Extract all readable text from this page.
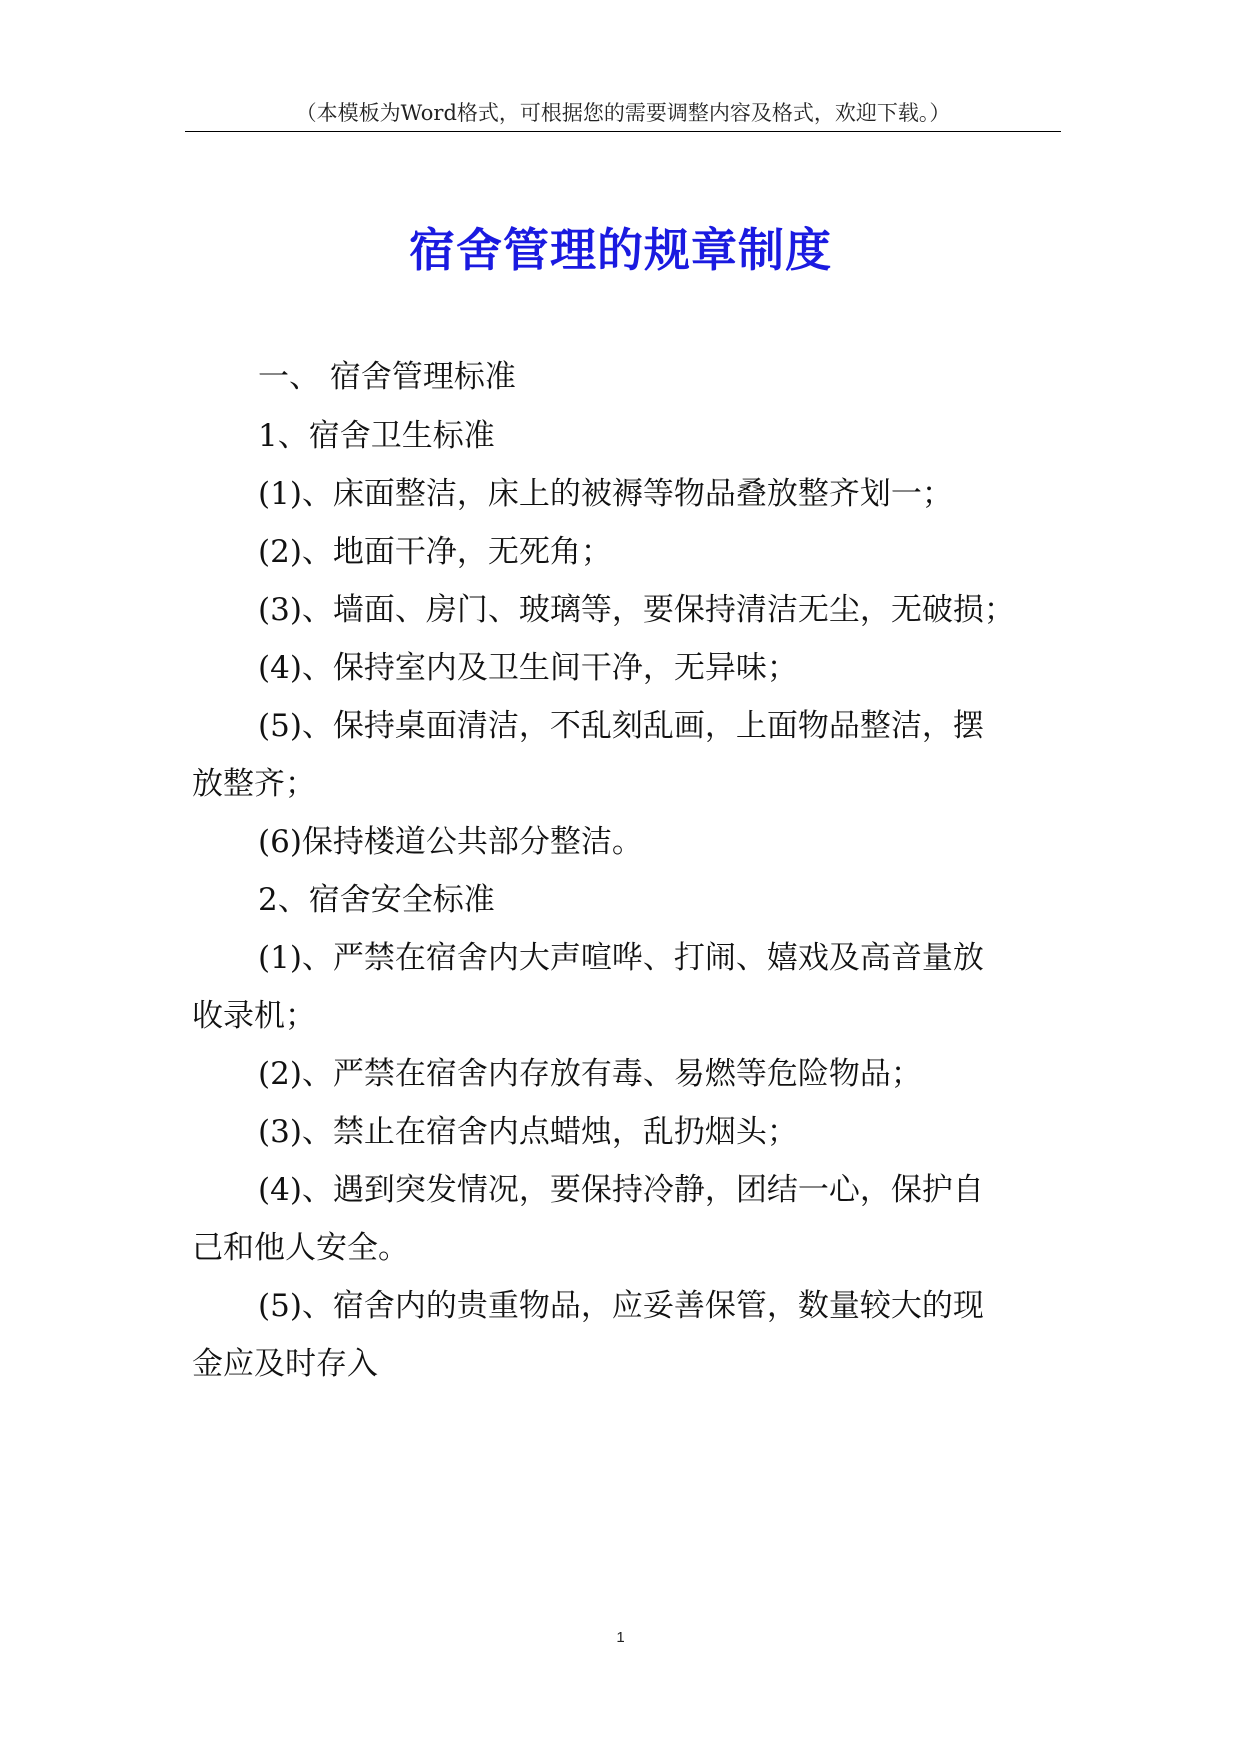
（本模板为Word格式，可根据您的需要调整内容及格式，欢迎下载。）
宿舍管理的规章制度
一、 宿舍管理标准
1、宿舍卫生标准
(1)、床面整洁，床上的被褥等物品叠放整齐划一；
(2)、地面干净，无死角；
(3)、墙面、房门、玻璃等，要保持清洁无尘，无破损；
(4)、保持室内及卫生间干净，无异味；
(5)、保持桌面清洁，不乱刻乱画，上面物品整洁，摆
放整齐；
(6)保持楼道公共部分整洁。
2、宿舍安全标准
(1)、严禁在宿舍内大声喧哗、打闹、嬉戏及高音量放
收录机；
(2)、严禁在宿舍内存放有毒、易燃等危险物品；
(3)、禁止在宿舍内点蜡烛，乱扔烟头；
(4)、遇到突发情况，要保持冷静，团结一心，保护自
己和他人安全。
(5)、宿舍内的贵重物品，应妥善保管，数量较大的现
金应及时存入
1
